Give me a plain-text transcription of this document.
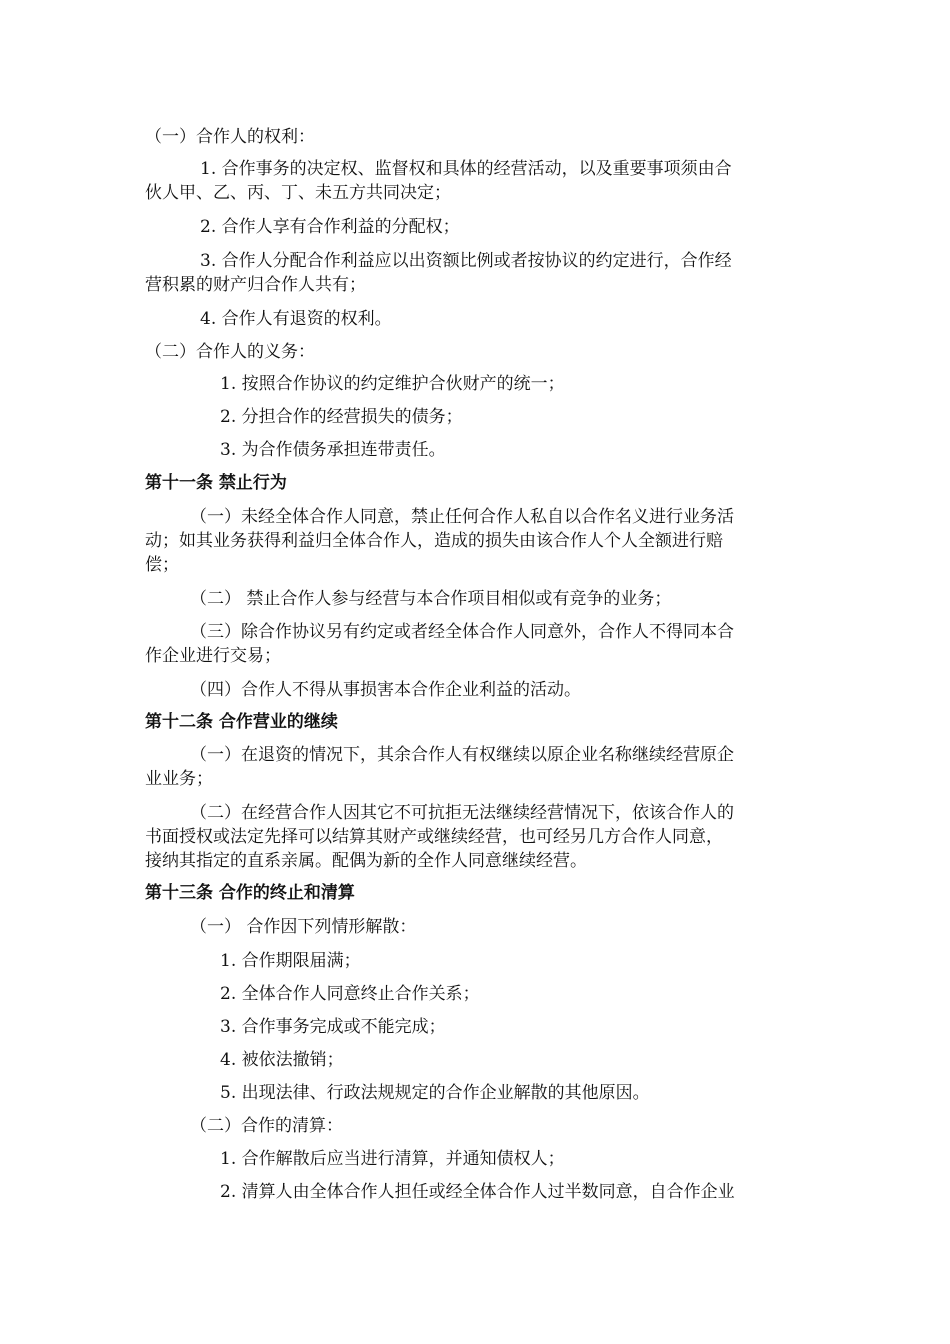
（一）合作人的权利：
1. 合作事务的决定权、监督权和具体的经营活动，以及重要事项须由合
伙人甲、乙、丙、丁、未五方共同决定；
2. 合作人享有合作利益的分配权；
3. 合作人分配合作利益应以出资额比例或者按协议的约定进行，合作经
营积累的财产归合作人共有；
4. 合作人有退资的权利。
（二）合作人的义务：
1. 按照合作协议的约定维护合伙财产的统一；
2. 分担合作的经营损失的债务；
3. 为合作债务承担连带责任。
第十一条 禁止行为
（一）未经全体合作人同意，禁止任何合作人私自以合作名义进行业务活
动；如其业务获得利益归全体合作人，造成的损失由该合作人个人全额进行赔
偿；
（二） 禁止合作人参与经营与本合作项目相似或有竞争的业务；
（三）除合作协议另有约定或者经全体合作人同意外，合作人不得同本合
作企业进行交易；
（四）合作人不得从事损害本合作企业利益的活动。
第十二条 合作营业的继续
（一）在退资的情况下，其余合作人有权继续以原企业名称继续经营原企
业业务；
（二）在经营合作人因其它不可抗拒无法继续经营情况下，依该合作人的
书面授权或法定先择可以结算其财产或继续经营，也可经另几方合作人同意，
接纳其指定的直系亲属。配偶为新的全作人同意继续经营。
第十三条 合作的终止和清算
（一） 合作因下列情形解散：
1. 合作期限届满；
2. 全体合作人同意终止合作关系；
3. 合作事务完成或不能完成；
4. 被依法撤销；
5. 出现法律、行政法规规定的合作企业解散的其他原因。
（二）合作的清算：
1. 合作解散后应当进行清算，并通知债权人；
2. 清算人由全体合作人担任或经全体合作人过半数同意，自合作企业
